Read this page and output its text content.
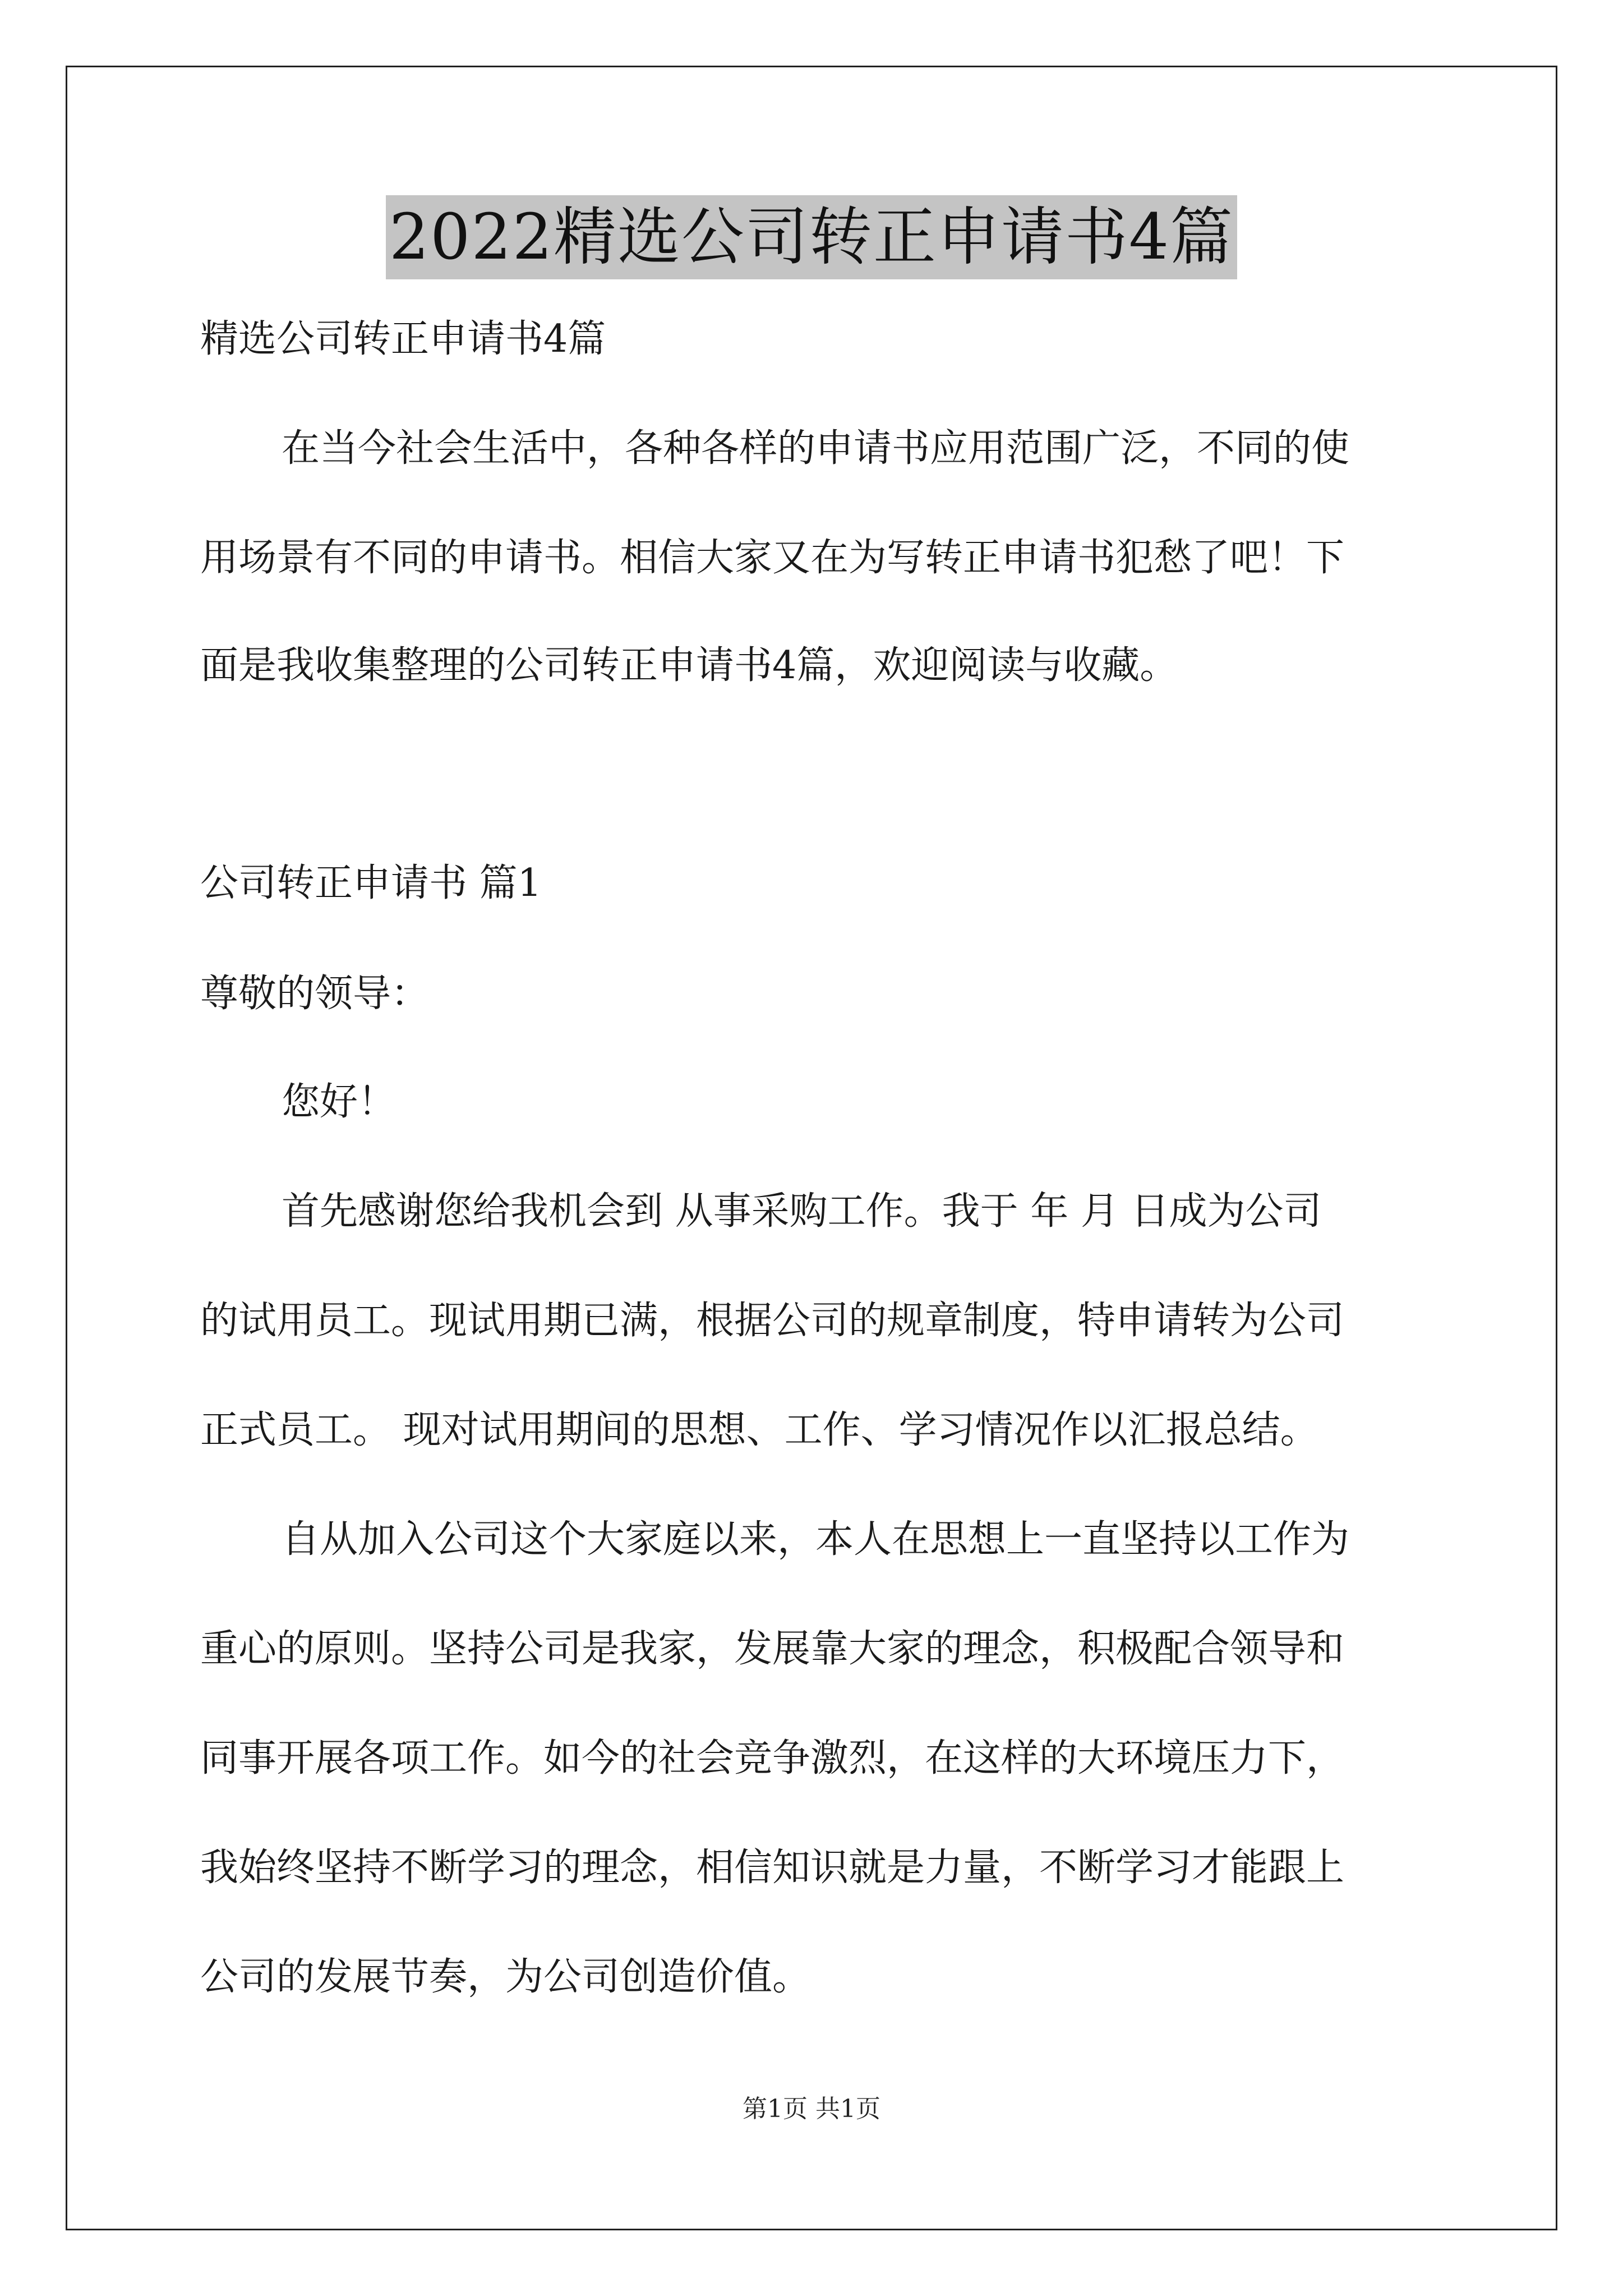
2022精选公司转正申请书4篇
精选公司转正申请书4篇
在当今社会生活中，各种各样的申请书应用范围广泛，不同的使
用场景有不同的申请书。相信大家又在为写转正申请书犯愁了吧！下
面是我收集整理的公司转正申请书4篇，欢迎阅读与收藏。
公司转正申请书 篇1
尊敬的领导：
您好！
首先感谢您给我机会到 从事采购工作。我于 年 月 日成为公司
的试用员工。现试用期已满，根据公司的规章制度，特申请转为公司
正式员工。 现对试用期间的思想、工作、学习情况作以汇报总结。
自从加入公司这个大家庭以来，本人在思想上一直坚持以工作为
重心的原则。坚持公司是我家，发展靠大家的理念，积极配合领导和
同事开展各项工作。如今的社会竞争激烈，在这样的大环境压力下，
我始终坚持不断学习的理念，相信知识就是力量，不断学习才能跟上
公司的发展节奏，为公司创造价值。
第1页 共1页
